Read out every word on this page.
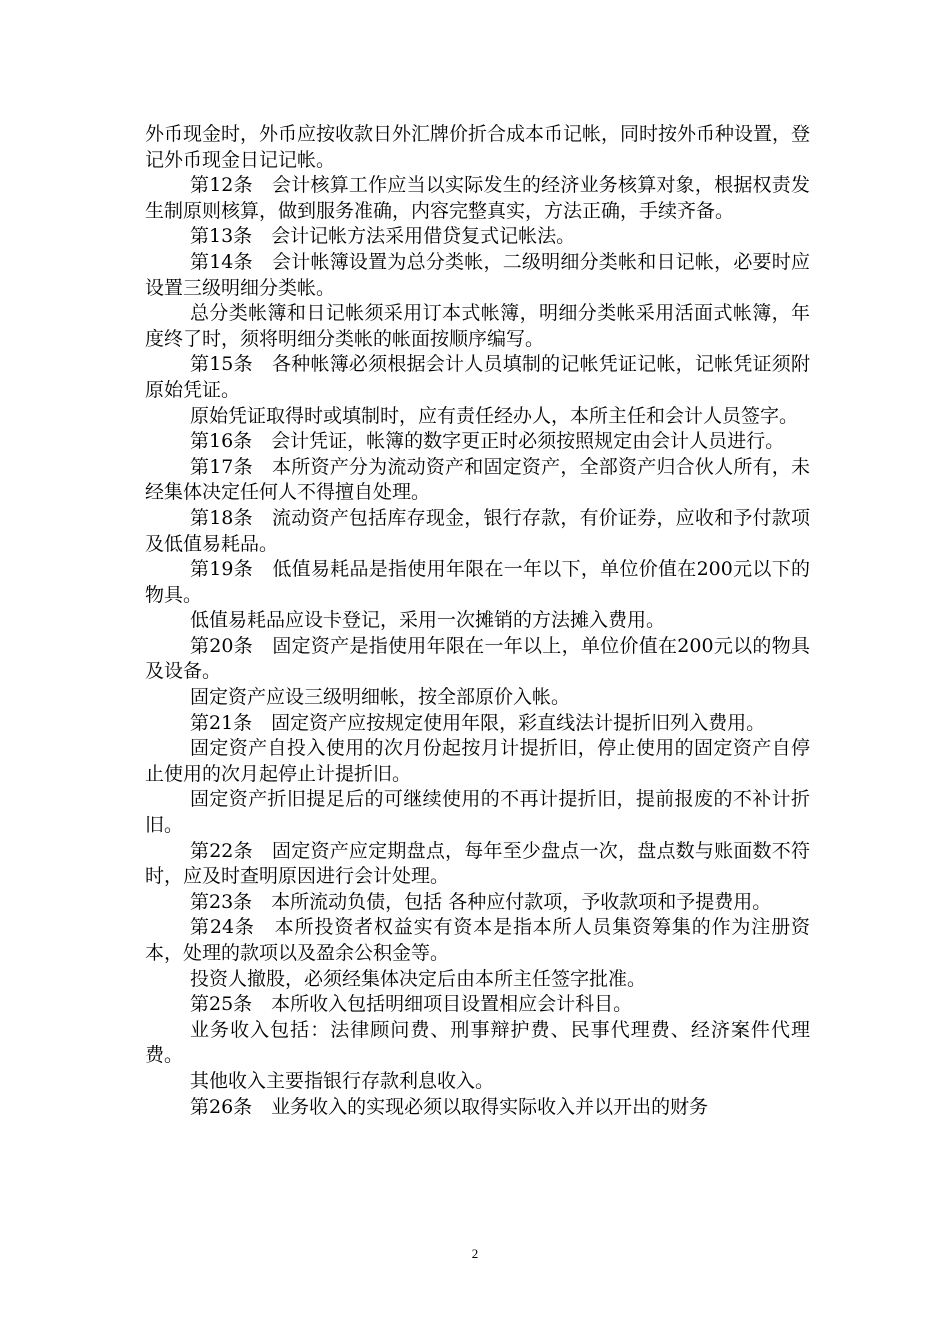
外币现金时，外币应按收款日外汇牌价折合成本币记帐，同时按外币种设置，登记外币现金日记记帐。

第12条　会计核算工作应当以实际发生的经济业务核算对象，根据权责发生制原则核算，做到服务准确，内容完整真实，方法正确，手续齐备。

第13条　会计记帐方法采用借贷复式记帐法。

第14条　会计帐簿设置为总分类帐，二级明细分类帐和日记帐，必要时应设置三级明细分类帐。

总分类帐簿和日记帐须采用订本式帐簿，明细分类帐采用活面式帐簿，年度终了时，须将明细分类帐的帐面按顺序编写。

第15条　各种帐簿必须根据会计人员填制的记帐凭证记帐，记帐凭证须附原始凭证。

原始凭证取得时或填制时，应有责任经办人，本所主任和会计人员签字。

第16条　会计凭证，帐簿的数字更正时必须按照规定由会计人员进行。

第17条　本所资产分为流动资产和固定资产，全部资产归合伙人所有，未经集体决定任何人不得擅自处理。

第18条　流动资产包括库存现金，银行存款，有价证券，应收和予付款项及低值易耗品。

第19条　低值易耗品是指使用年限在一年以下，单位价值在200元以下的物具。

低值易耗品应设卡登记，采用一次摊销的方法摊入费用。

第20条　固定资产是指使用年限在一年以上，单位价值在200元以的物具及设备。

固定资产应设三级明细帐，按全部原价入帐。

第21条　固定资产应按规定使用年限，彩直线法计提折旧列入费用。

固定资产自投入使用的次月份起按月计提折旧，停止使用的固定资产自停止使用的次月起停止计提折旧。

固定资产折旧提足后的可继续使用的不再计提折旧，提前报废的不补计折旧。

第22条　固定资产应定期盘点，每年至少盘点一次，盘点数与账面数不符时，应及时查明原因进行会计处理。

第23条　本所流动负债，包括 各种应付款项，予收款项和予提费用。

第24条　本所投资者权益实有资本是指本所人员集资筹集的作为注册资本，处理的款项以及盈余公积金等。

投资人撤股，必须经集体决定后由本所主任签字批准。

第25条　本所收入包括明细项目设置相应会计科目。

业务收入包括：法律顾问费、刑事辩护费、民事代理费、经济案件代理费。

其他收入主要指银行存款利息收入。

第26条　业务收入的实现必须以取得实际收入并以开出的财务

2
